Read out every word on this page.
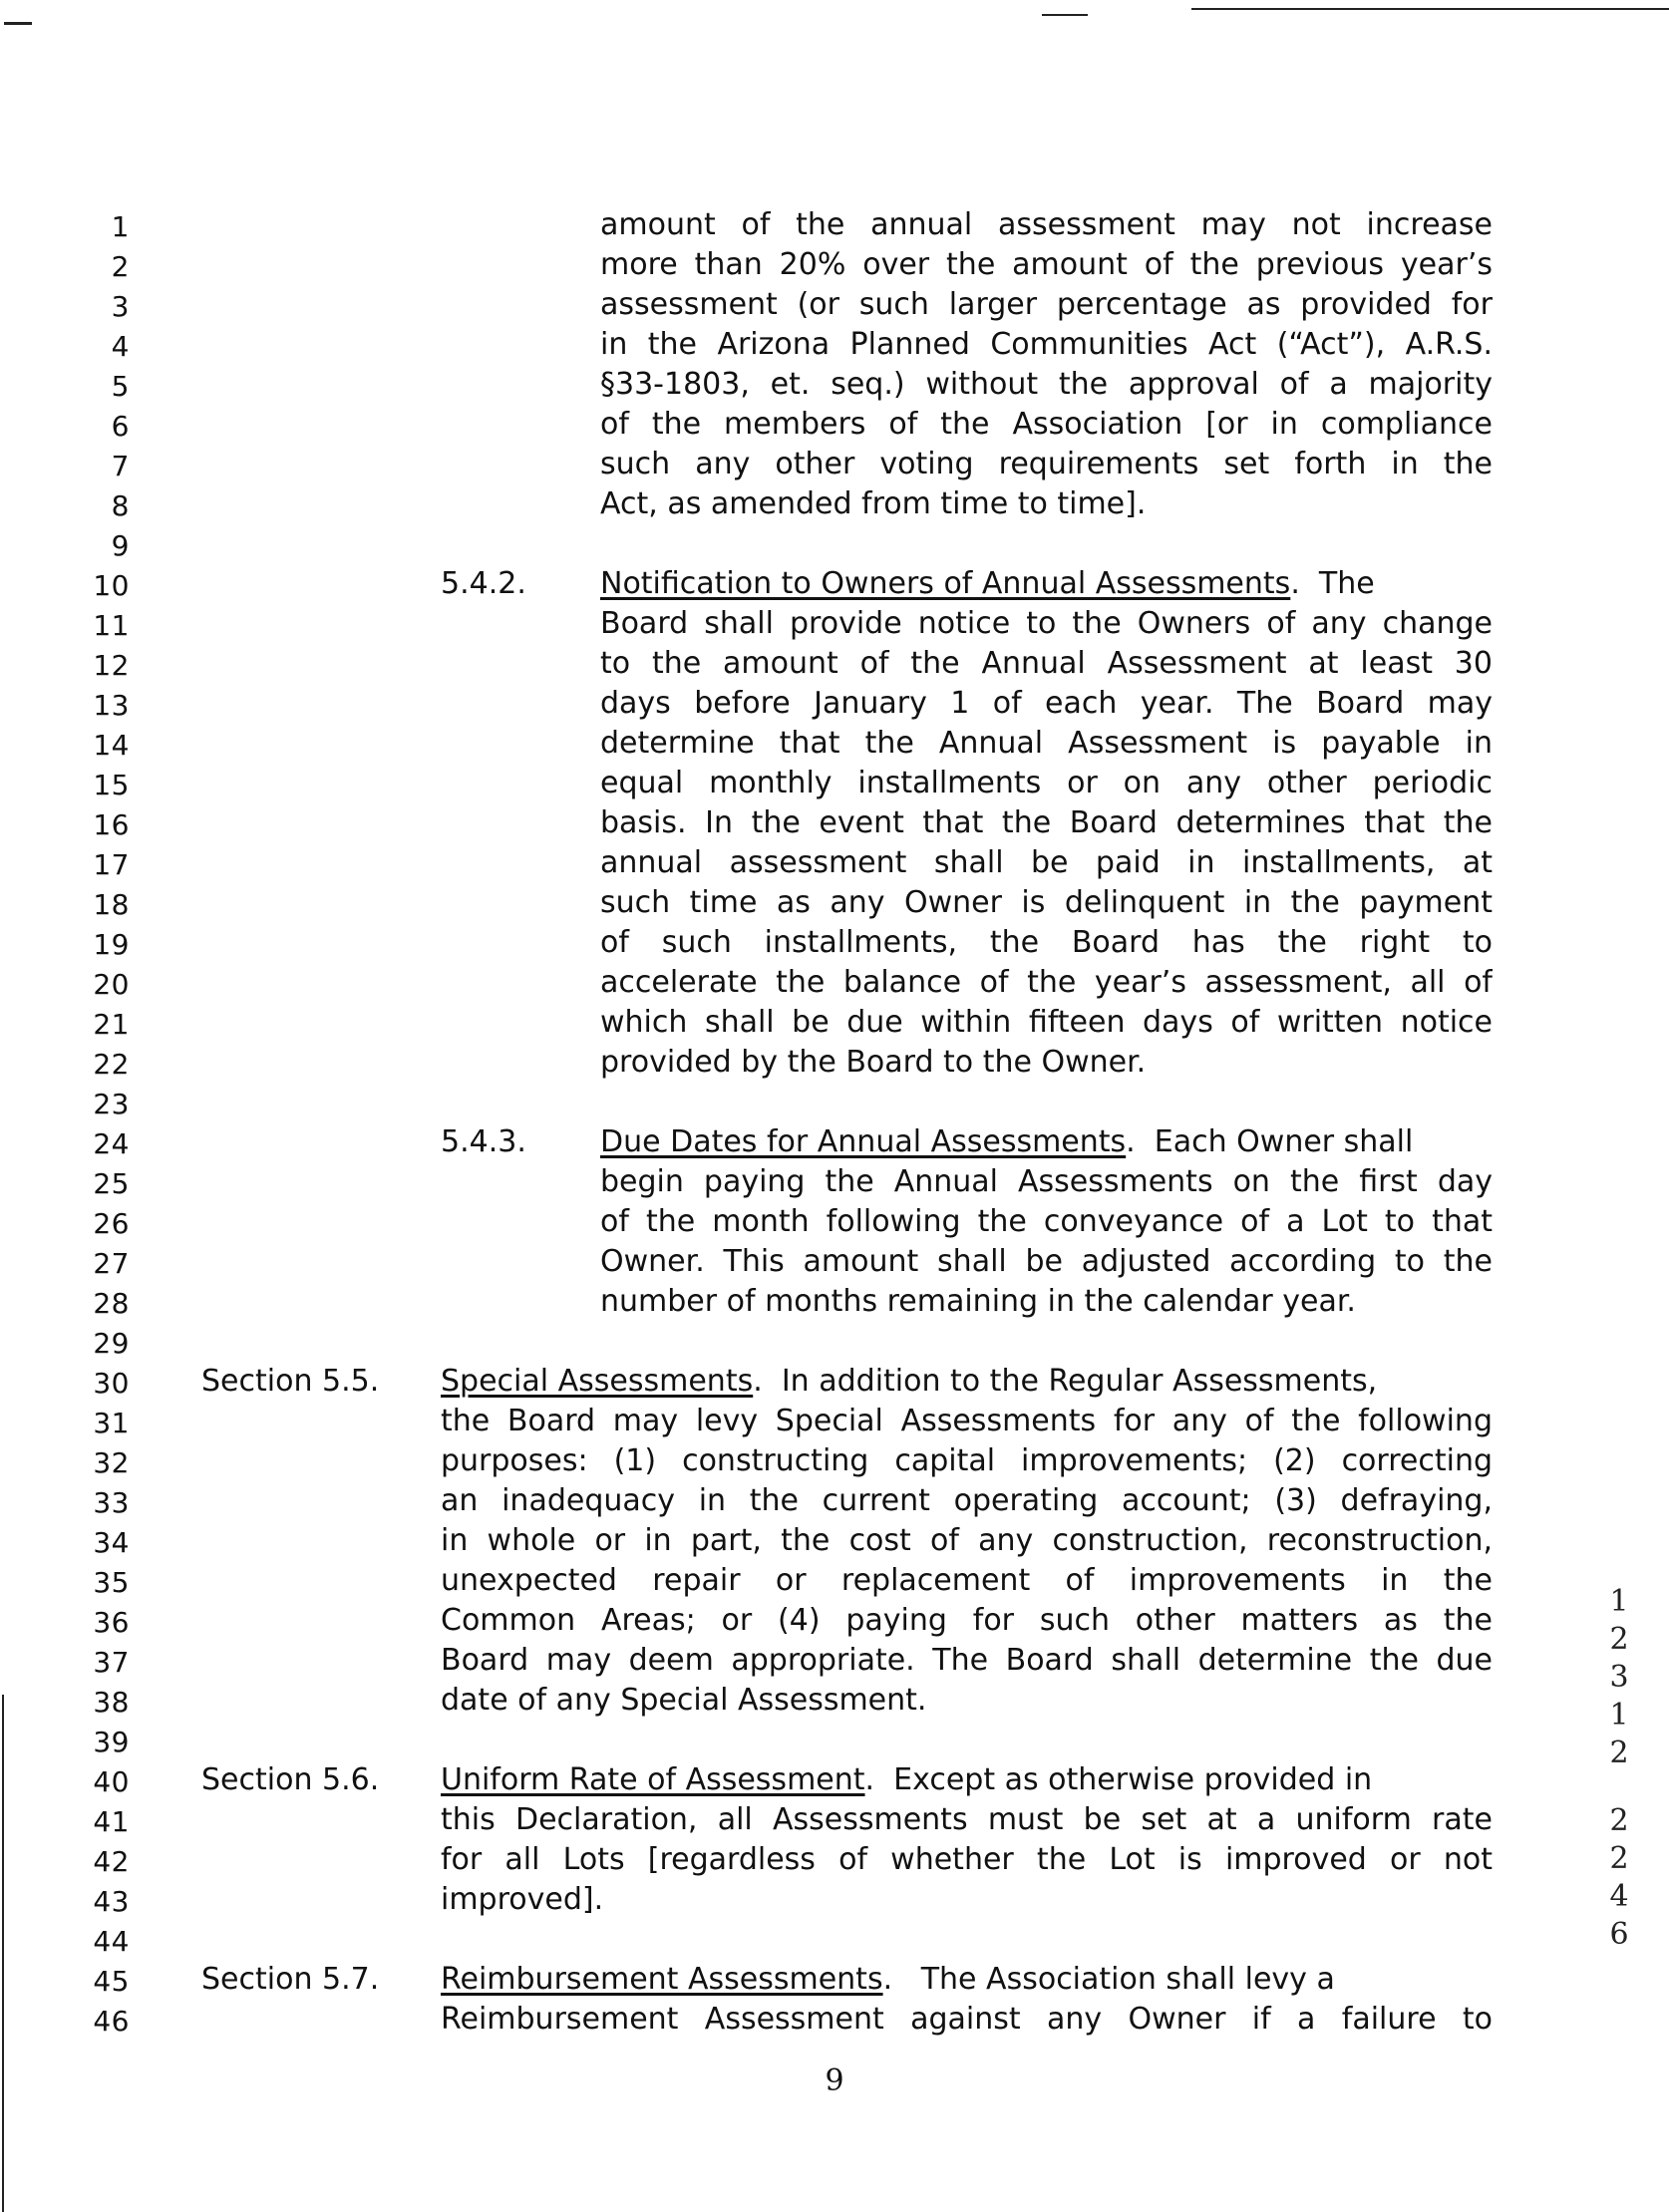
1
2
3
4
5
6
7
8
9
10
11
12
13
14
15
16
17
18
19
20
21
22
23
24
25
26
27
28
29
30
31
32
33
34
35
36
37
38
39
40
41
42
43
44
45
46
amount of the annual assessment may not increase
more than 20% over the amount of the previous year’s
assessment (or such larger percentage as provided for
in the Arizona Planned Communities Act (“Act”), A.R.S.
§33-1803, et. seq.) without the approval of a majority
of the members of the Association [or in compliance
such any other voting requirements set forth in the
Act, as amended from time to time].
5.4.2. Notification to Owners of Annual Assessments.  The
Board shall provide notice to the Owners of any change
to the amount of the Annual Assessment at least 30
days before January 1 of each year. The Board may
determine that the Annual Assessment is payable in
equal monthly installments or on any other periodic
basis. In the event that the Board determines that the
annual assessment shall be paid in installments, at
such time as any Owner is delinquent in the payment
of such installments, the Board has the right to
accelerate the balance of the year’s assessment, all of
which shall be due within fifteen days of written notice
provided by the Board to the Owner.
5.4.3. Due Dates for Annual Assessments.  Each Owner shall
begin paying the Annual Assessments on the first day
of the month following the conveyance of a Lot to that
Owner. This amount shall be adjusted according to the
number of months remaining in the calendar year.
Section 5.5. Special Assessments.  In addition to the Regular Assessments,
the Board may levy Special Assessments for any of the following
purposes: (1) constructing capital improvements; (2) correcting
an inadequacy in the current operating account; (3) defraying,
in whole or in part, the cost of any construction, reconstruction,
unexpected repair or replacement of improvements in the
Common Areas; or (4) paying for such other matters as the
Board may deem appropriate. The Board shall determine the due
date of any Special Assessment.
Section 5.6. Uniform Rate of Assessment.  Except as otherwise provided in
this Declaration, all Assessments must be set at a uniform rate
for all Lots [regardless of whether the Lot is improved or not
improved].
Section 5.7. Reimbursement Assessments.   The Association shall levy a
Reimbursement Assessment against any Owner if a failure to
1
2
3
1
2
2
2
4
6
9
